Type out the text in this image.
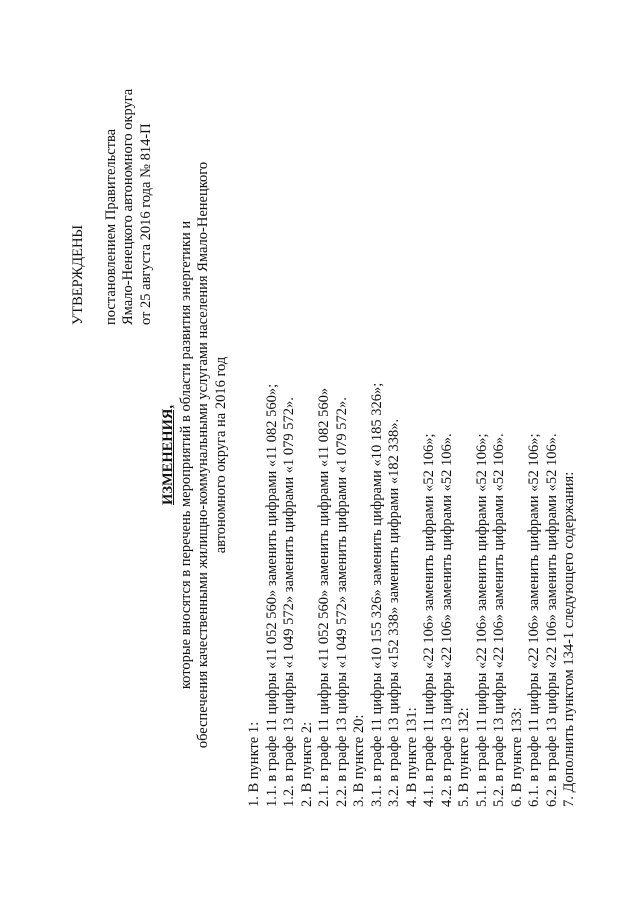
УТВЕРЖДЕНЫ постановлением Правительства Ямало-Ненецкого автономного округа от 25 августа 2016 года № 814-П
ИЗМЕНЕНИЯ, которые вносятся в перечень мероприятий в области развития энергетики и обеспечения качественными жилищно-коммунальными услугами населения Ямало-Ненецкого автономного округа на 2016 год
1. В пункте 1: 1.1. в графе 11 цифры «11 052 560» заменить цифрами «11 082 560»; 1.2. в графе 13 цифры «1 049 572» заменить цифрами «1 079 572». 2. В пункте 2: 2.1. в графе 11 цифры «11 052 560» заменить цифрами «11 082 560» 2.2. в графе 13 цифры «1 049 572» заменить цифрами «1 079 572». 3. В пункте 20: 3.1. в графе 11 цифры «10 155 326» заменить цифрами «10 185 326»; 3.2. в графе 13 цифры «152 338» заменить цифрами «182 338». 4. В пункте 131: 4.1. в графе 11 цифры «22 106» заменить цифрами «52 106»; 4.2. в графе 13 цифры «22 106» заменить цифрами «52 106». 5. В пункте 132: 5.1. в графе 11 цифры «22 106» заменить цифрами «52 106»; 5.2. в графе 13 цифры «22 106» заменить цифрами «52 106». 6. В пункте 133: 6.1. в графе 11 цифры «22 106» заменить цифрами «52 106»; 6.2. в графе 13 цифры «22 106» заменить цифрами «52 106». 7. Дополнить пунктом 134-1 следующего содержания:
